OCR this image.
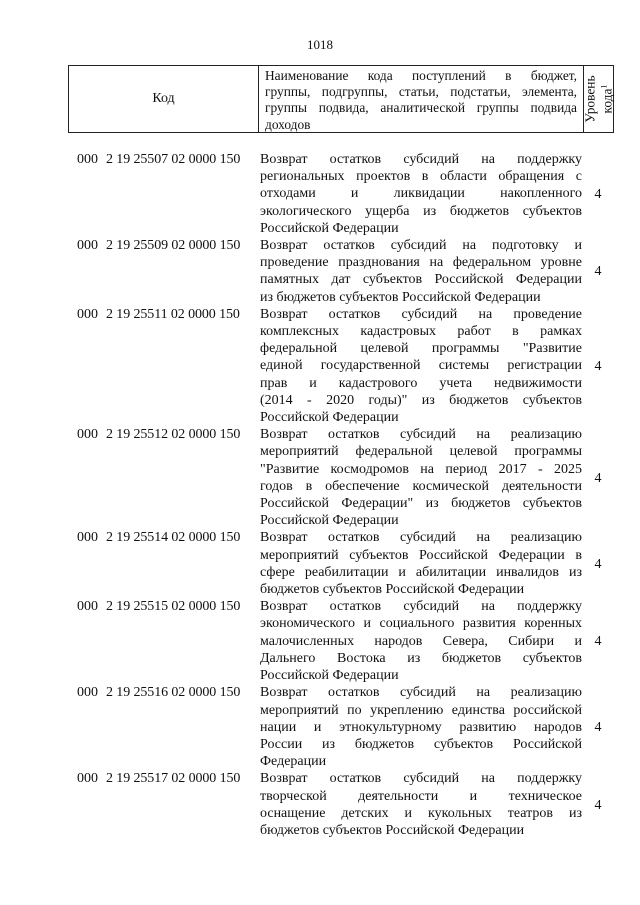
1018
Код
Наименование кода поступлений в бюджет,
группы, подгруппы, статьи, подстатьи, элемента,
группы подвида, аналитической группы подвида
доходов
Уровень кода$^1$
000 2 19 25507 02 0000 150	Возврат остатков субсидий на поддержку
региональных проектов в области обращения с
отходами и ликвидации накопленного
экологического ущерба из бюджетов субъектов
Российской Федерации
4
000 2 19 25509 02 0000 150	Возврат остатков субсидий на подготовку и
проведение празднования на федеральном уровне
памятных дат субъектов Российской Федерации
из бюджетов субъектов Российской Федерации
4
000 2 19 25511 02 0000 150	Возврат остатков субсидий на проведение
комплексных кадастровых работ в рамках
федеральной целевой программы "Развитие
единой государственной системы регистрации
прав и кадастрового учета недвижимости
(2014 - 2020 годы)" из бюджетов субъектов
Российской Федерации
4
000 2 19 25512 02 0000 150	Возврат остатков субсидий на реализацию
мероприятий федеральной целевой программы
"Развитие космодромов на период 2017 - 2025
годов в обеспечение космической деятельности
Российской Федерации" из бюджетов субъектов
Российской Федерации
4
000 2 19 25514 02 0000 150	Возврат остатков субсидий на реализацию
мероприятий субъектов Российской Федерации в
сфере реабилитации и абилитации инвалидов из
бюджетов субъектов Российской Федерации
4
000 2 19 25515 02 0000 150	Возврат остатков субсидий на поддержку
экономического и социального развития коренных
малочисленных народов Севера, Сибири и
Дальнего Востока из бюджетов субъектов
Российской Федерации
4
000 2 19 25516 02 0000 150	Возврат остатков субсидий на реализацию
мероприятий по укреплению единства российской
нации и этнокультурному развитию народов
России из бюджетов субъектов Российской
Федерации
4
000 2 19 25517 02 0000 150	Возврат остатков субсидий на поддержку
творческой деятельности и техническое
оснащение детских и кукольных театров из
бюджетов субъектов Российской Федерации
4
